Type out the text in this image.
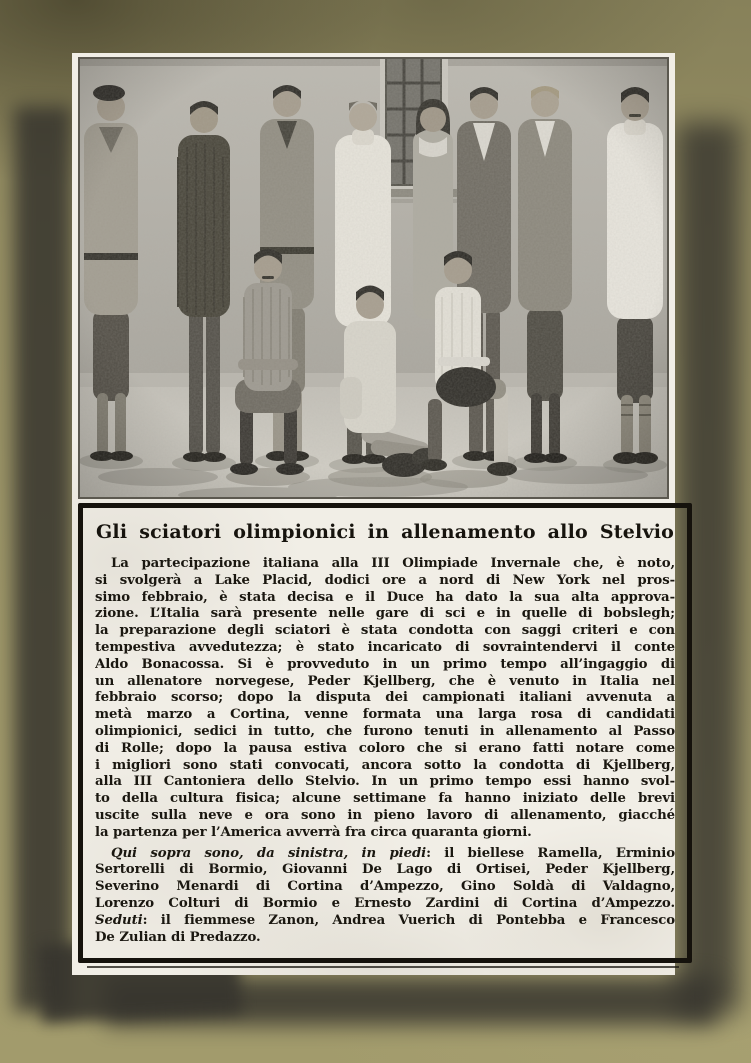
Gli sciatori olimpionici in allenamento allo Stelvio
La partecipazione italiana alla III Olimpiade Invernale che, è noto,
si svolgerà a Lake Placid, dodici ore a nord di New York nel pros-
simo febbraio, è stata decisa e il Duce ha dato la sua alta approva-
zione. L’Italia sarà presente nelle gare di sci e in quelle di bobslegh;
la preparazione degli sciatori è stata condotta con saggi criteri e con
tempestiva avvedutezza; è stato incaricato di sovraintendervi il conte
Aldo Bonacossa. Si è provveduto in un primo tempo all’ingaggio di
un allenatore norvegese, Peder Kjellberg, che è venuto in Italia nel
febbraio scorso; dopo la disputa dei campionati italiani avvenuta a
metà marzo a Cortina, venne formata una larga rosa di candidati
olimpionici, sedici in tutto, che furono tenuti in allenamento al Passo
di Rolle; dopo la pausa estiva coloro che si erano fatti notare come
i migliori sono stati convocati, ancora sotto la condotta di Kjellberg,
alla III Cantoniera dello Stelvio. In un primo tempo essi hanno svol-
to della cultura fisica; alcune settimane fa hanno iniziato delle brevi
uscite sulla neve e ora sono in pieno lavoro di allenamento, giacché
la partenza per l’America avverrà fra circa quaranta giorni.
Qui sopra sono, da sinistra, in piedi: il biellese Ramella, Erminio
Sertorelli di Bormio, Giovanni De Lago di Ortisei, Peder Kjellberg,
Severino Menardi di Cortina d’Ampezzo, Gino Soldà di Valdagno,
Lorenzo Colturi di Bormio e Ernesto Zardini di Cortina d’Ampezzo.
Seduti: il fiemmese Zanon, Andrea Vuerich di Pontebba e Francesco
De Zulian di Predazzo.
